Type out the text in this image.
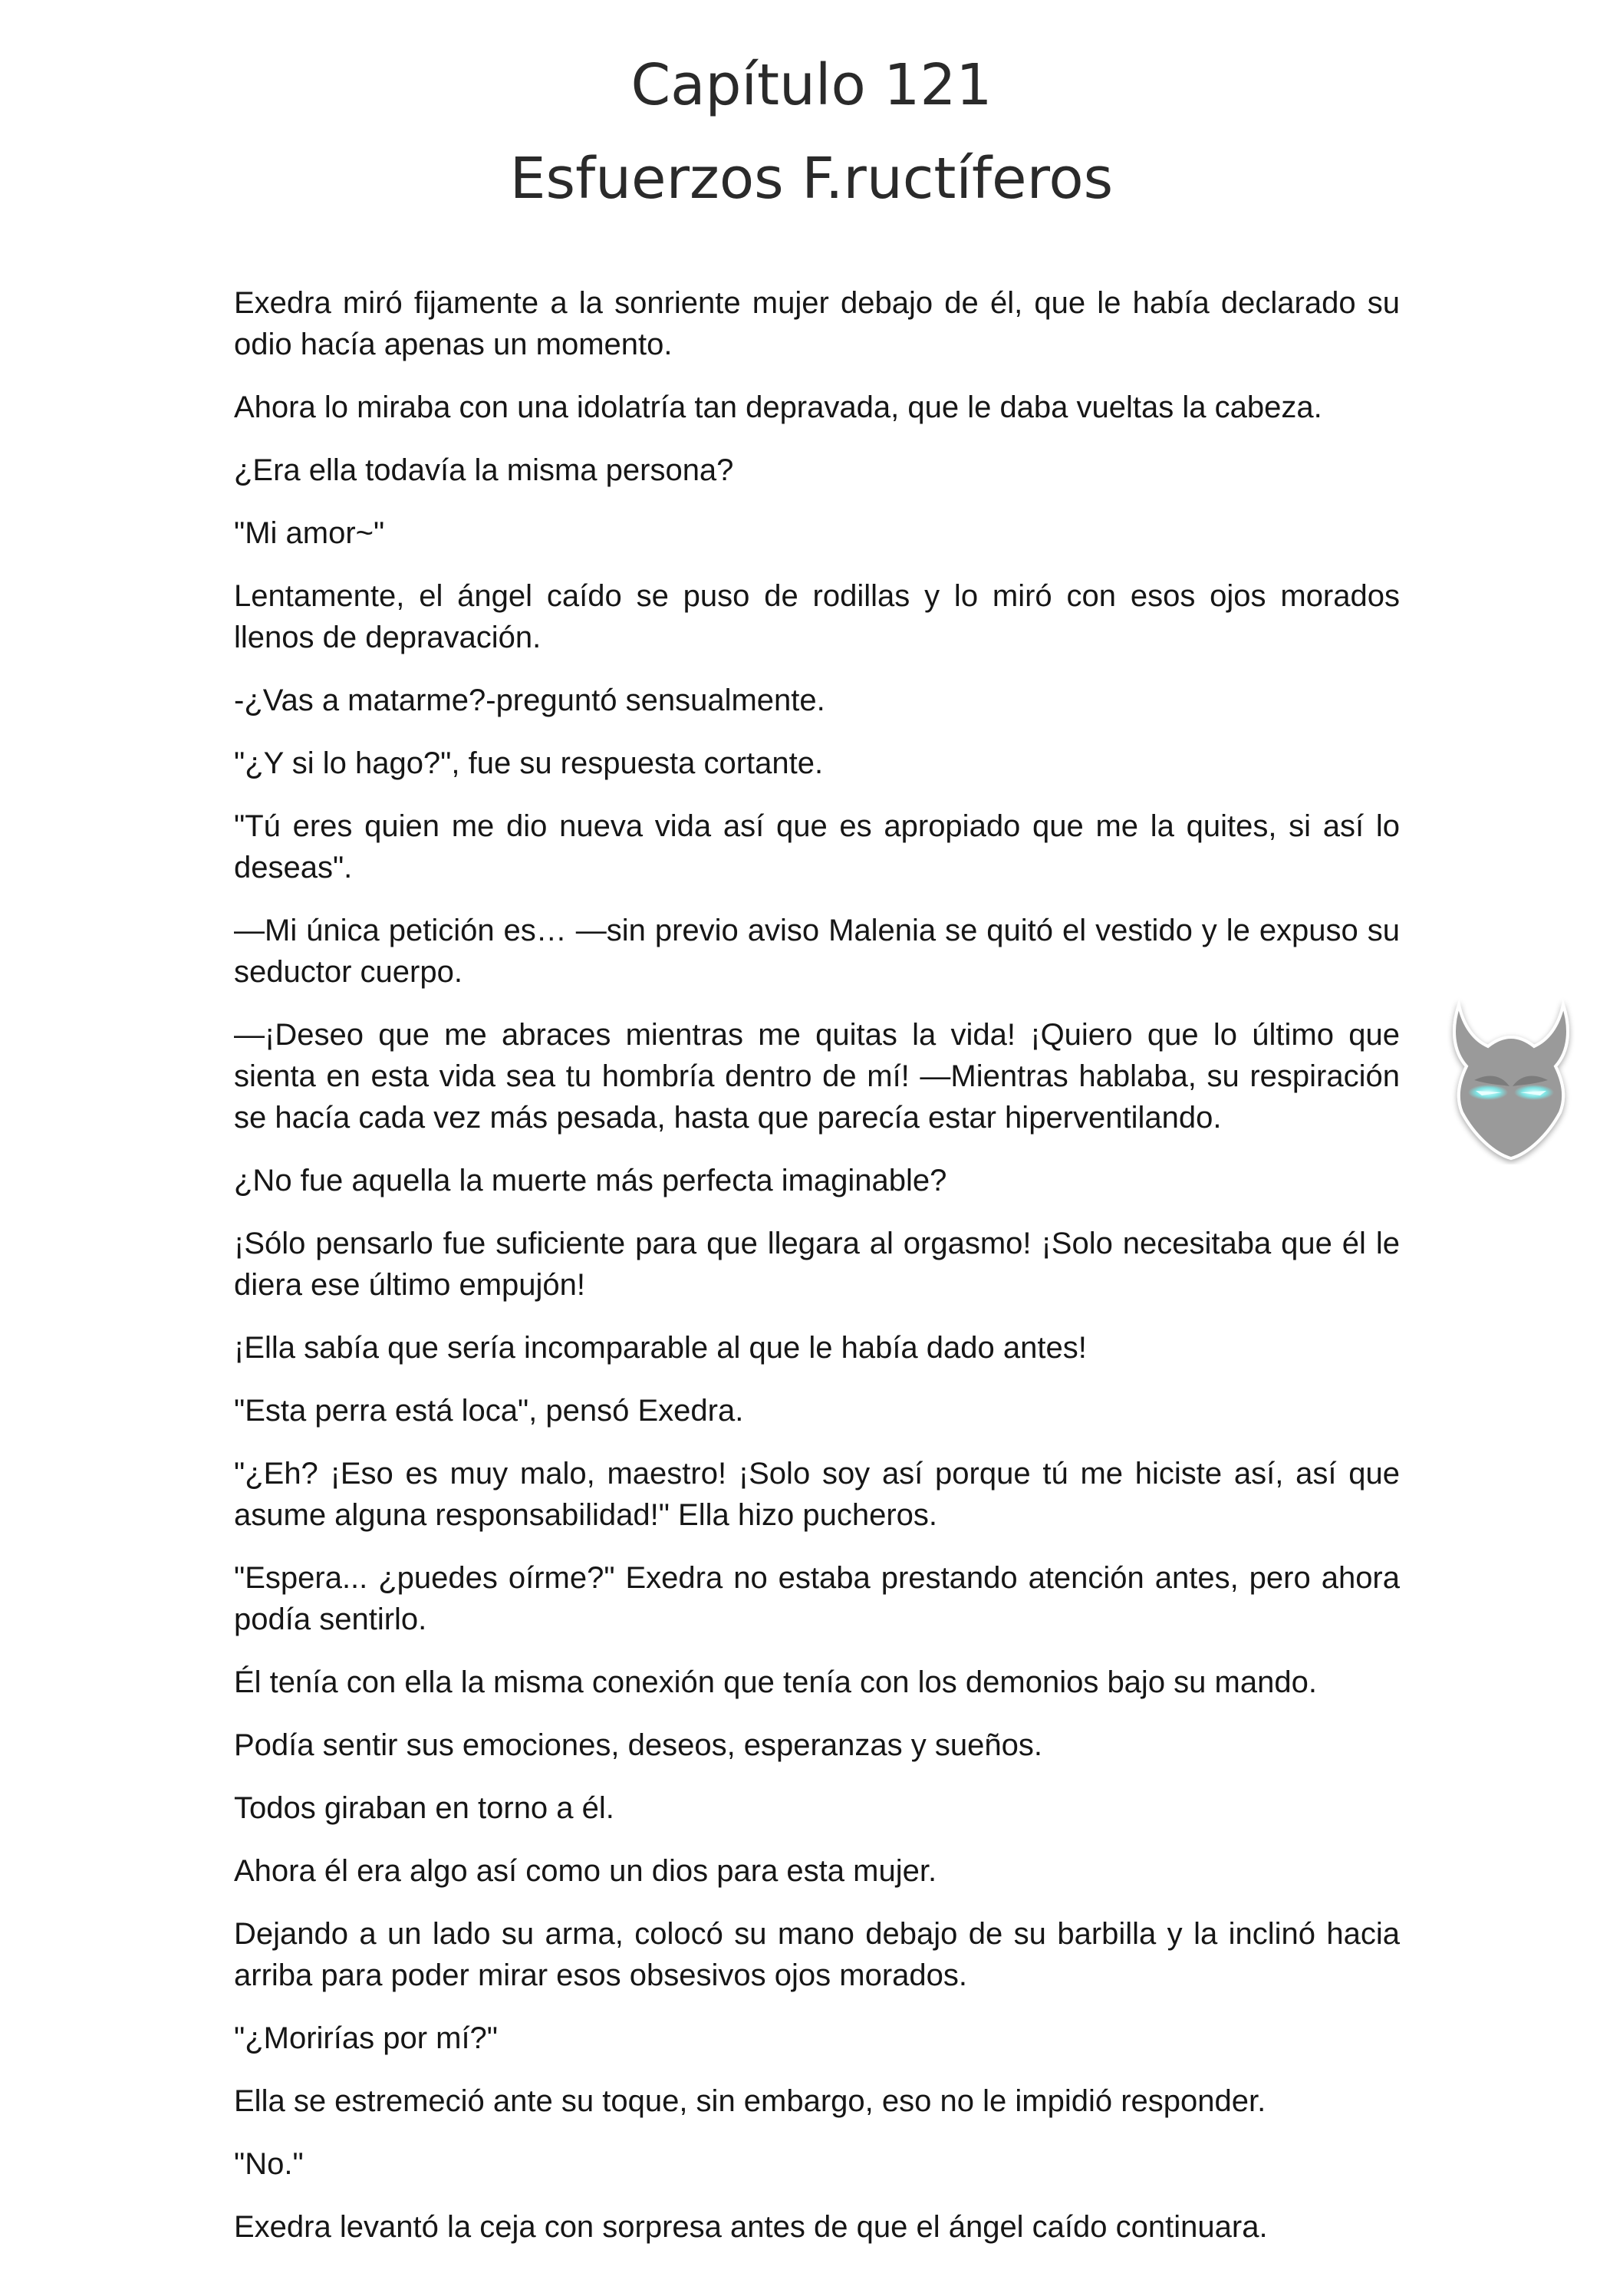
Capítulo 121
Esfuerzos F.ructíferos

Exedra miró fijamente a la sonriente mujer debajo de él, que le había declarado su odio hacía apenas un momento.

Ahora lo miraba con una idolatría tan depravada, que le daba vueltas la cabeza.

¿Era ella todavía la misma persona?

"Mi amor~"

Lentamente, el ángel caído se puso de rodillas y lo miró con esos ojos morados llenos de depravación.

-¿Vas a matarme?-preguntó sensualmente.

"¿Y si lo hago?", fue su respuesta cortante.

"Tú eres quien me dio nueva vida así que es apropiado que me la quites, si así lo deseas".

—Mi única petición es… —sin previo aviso Malenia se quitó el vestido y le expuso su seductor cuerpo.

—¡Deseo que me abraces mientras me quitas la vida! ¡Quiero que lo último que sienta en esta vida sea tu hombría dentro de mí! —Mientras hablaba, su respiración se hacía cada vez más pesada, hasta que parecía estar hiperventilando.

¿No fue aquella la muerte más perfecta imaginable?

¡Sólo pensarlo fue suficiente para que llegara al orgasmo! ¡Solo necesitaba que él le diera ese último empujón!

¡Ella sabía que sería incomparable al que le había dado antes!

"Esta perra está loca", pensó Exedra.

"¿Eh? ¡Eso es muy malo, maestro! ¡Solo soy así porque tú me hiciste así, así que asume alguna responsabilidad!" Ella hizo pucheros.

"Espera... ¿puedes oírme?" Exedra no estaba prestando atención antes, pero ahora podía sentirlo.

Él tenía con ella la misma conexión que tenía con los demonios bajo su mando.

Podía sentir sus emociones, deseos, esperanzas y sueños.

Todos giraban en torno a él.

Ahora él era algo así como un dios para esta mujer.

Dejando a un lado su arma, colocó su mano debajo de su barbilla y la inclinó hacia arriba para poder mirar esos obsesivos ojos morados.

"¿Morirías por mí?"

Ella se estremeció ante su toque, sin embargo, eso no le impidió responder.

"No."

Exedra levantó la ceja con sorpresa antes de que el ángel caído continuara.
